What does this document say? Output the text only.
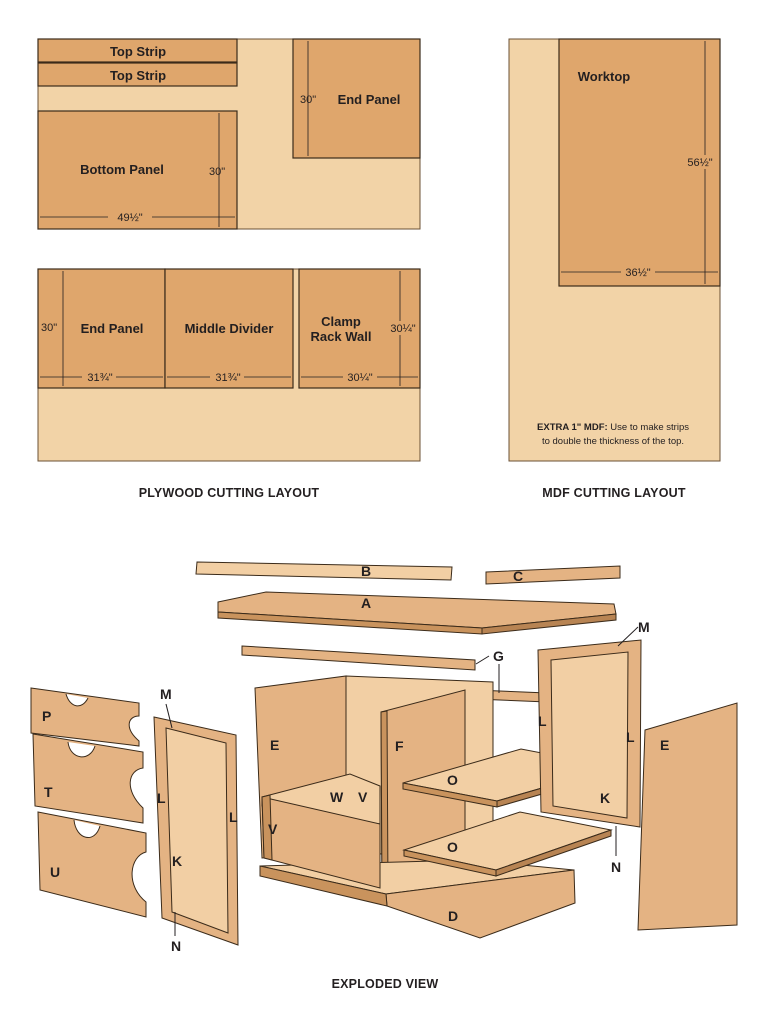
Top Strip
Top Strip
End Panel
30"
Bottom Panel	30"
49½"
End Panel
30"
31¾"
Middle Divider
31¾"
Clamp
Rack Wall 30¼"
30¼"
PLYWOOD CUTTING LAYOUT
Worktop
56½"
36½"
EXTRA 1" MDF: Use to make strips
to double the thickness of the top.
MDF CUTTING LAYOUT
B	C
A
G
E	F
D
W V
V
O
O
K
L
L
M
N
E
K
L
L
M
N
P
T
U
EXPLODED VIEW
